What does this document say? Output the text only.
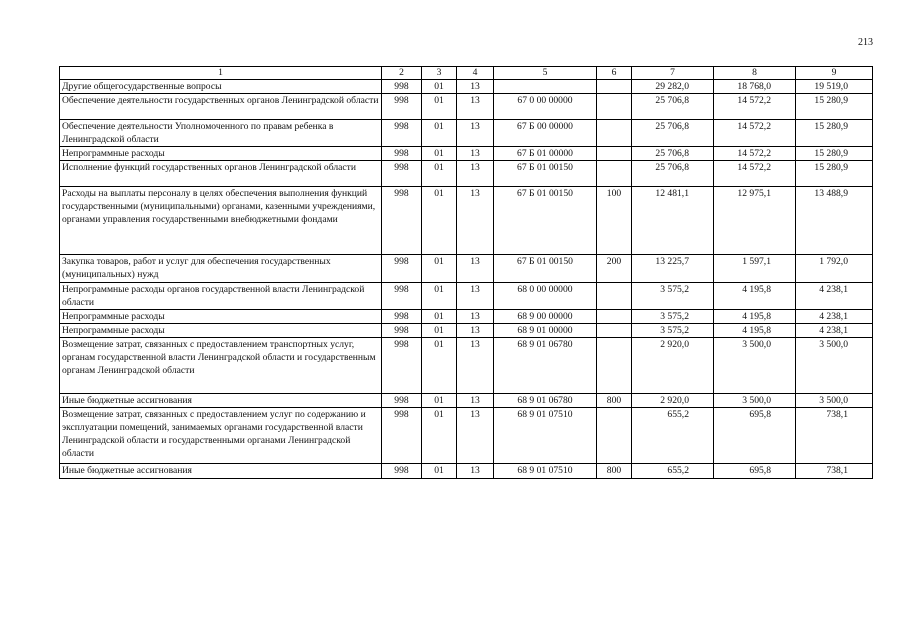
213
1	2	3	4	5	6	7	8	9
Другие общегосударственные вопросы	998	01	13			29 282,0	18 768,0	19 519,0
Обеспечение деятельности государственных органов Ленинградской области	998	01	13	67 0 00 00000		25 706,8	14 572,2	15 280,9
Обеспечение деятельности Уполномоченного по правам ребенка в Ленинградской области	998	01	13	67 Б 00 00000		25 706,8	14 572,2	15 280,9
Непрограммные расходы	998	01	13	67 Б 01 00000		25 706,8	14 572,2	15 280,9
Исполнение функций государственных органов Ленинградской области	998	01	13	67 Б 01 00150		25 706,8	14 572,2	15 280,9
Расходы на выплаты персоналу в целях обеспечения выполнения функций государственными (муниципальными) органами, казенными учреждениями, органами управления государственными внебюджетными фондами	998	01	13	67 Б 01 00150	100	12 481,1	12 975,1	13 488,9
Закупка товаров, работ и услуг для обеспечения государственных (муниципальных) нужд	998	01	13	67 Б 01 00150	200	13 225,7	1 597,1	1 792,0
Непрограммные расходы органов государственной власти Ленинградской области	998	01	13	68 0 00 00000		3 575,2	4 195,8	4 238,1
Непрограммные расходы	998	01	13	68 9 00 00000		3 575,2	4 195,8	4 238,1
Непрограммные расходы	998	01	13	68 9 01 00000		3 575,2	4 195,8	4 238,1
Возмещение затрат, связанных с предоставлением транспортных услуг, органам государственной власти Ленинградской области и государственным органам Ленинградской области	998	01	13	68 9 01 06780		2 920,0	3 500,0	3 500,0
Иные бюджетные ассигнования	998	01	13	68 9 01 06780	800	2 920,0	3 500,0	3 500,0
Возмещение затрат, связанных с предоставлением услуг по содержанию и эксплуатации помещений, занимаемых органами государственной власти Ленинградской области и государственными органами Ленинградской области	998	01	13	68 9 01 07510		655,2	695,8	738,1
Иные бюджетные ассигнования	998	01	13	68 9 01 07510	800	655,2	695,8	738,1
